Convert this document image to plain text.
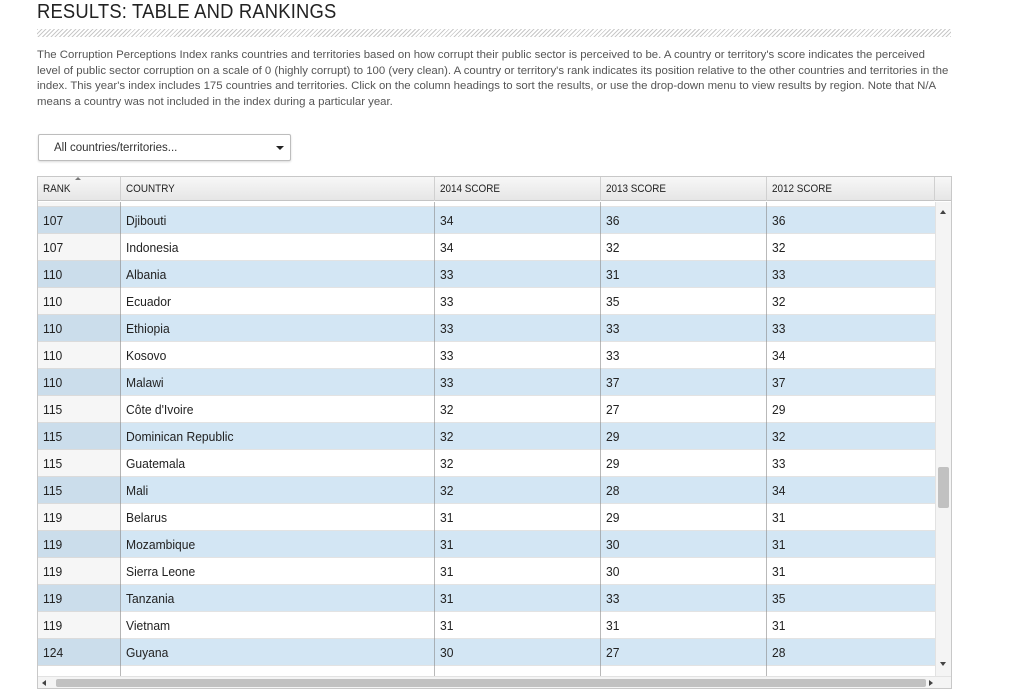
RESULTS: TABLE AND RANKINGS

The Corruption Perceptions Index ranks countries and territories based on how corrupt their public sector is perceived to be. A country or territory's score indicates the perceived level of public sector corruption on a scale of 0 (highly corrupt) to 100 (very clean). A country or territory's rank indicates its position relative to the other countries and territories in the index. This year's index includes 175 countries and territories. Click on the column headings to sort the results, or use the drop-down menu to view results by region. Note that N/A means a country was not included in the index during a particular year.

All countries/territories...
RANK	COUNTRY	2014 SCORE	2013 SCORE	2012 SCORE
107	Djibouti	34	36	36
107	Indonesia	34	32	32
110	Albania	33	31	33
110	Ecuador	33	35	32
110	Ethiopia	33	33	33
110	Kosovo	33	33	34
110	Malawi	33	37	37
115	Côte d'Ivoire	32	27	29
115	Dominican Republic	32	29	32
115	Guatemala	32	29	33
115	Mali	32	28	34
119	Belarus	31	29	31
119	Mozambique	31	30	31
119	Sierra Leone	31	30	31
119	Tanzania	31	33	35
119	Vietnam	31	31	31
124	Guyana	30	27	28
